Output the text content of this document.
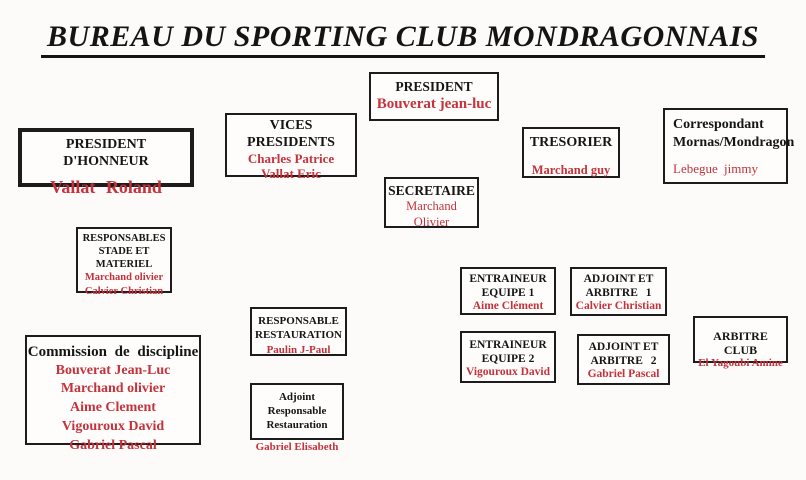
BUREAU DU SPORTING CLUB MONDRAGONNAIS
PRESIDENT
Bouverat jean-luc
VICES
PRESIDENTS
Charles Patrice
Vallat Eric
PRESIDENT D'HONNEUR
Vallat Roland
TRESORIER
Marchand guy
Correspondant
Mornas/Mondragon
Lebegue jimmy
SECRETAIRE
Marchand
Olivier
RESPONSABLES
STADE ET
MATERIEL
Marchand olivier
Calvier Christian
ENTRAINEUR
EQUIPE 1
Aime Clément
ADJOINT ET
ARBITRE 1
Calvier Christian
ENTRAINEUR
EQUIPE 2
Vigouroux David
ADJOINT ET
ARBITRE 2
Gabriel Pascal
ARBITRE CLUB
El Yagoubi Amine
RESPONSABLE
RESTAURATION
Paulin J-Paul
Commission de discipline
Bouverat Jean-Luc
Marchand olivier
Aime Clement
Vigouroux David
Gabriel Pascal
Adjoint Responsable
Restauration
Gabriel Elisabeth
